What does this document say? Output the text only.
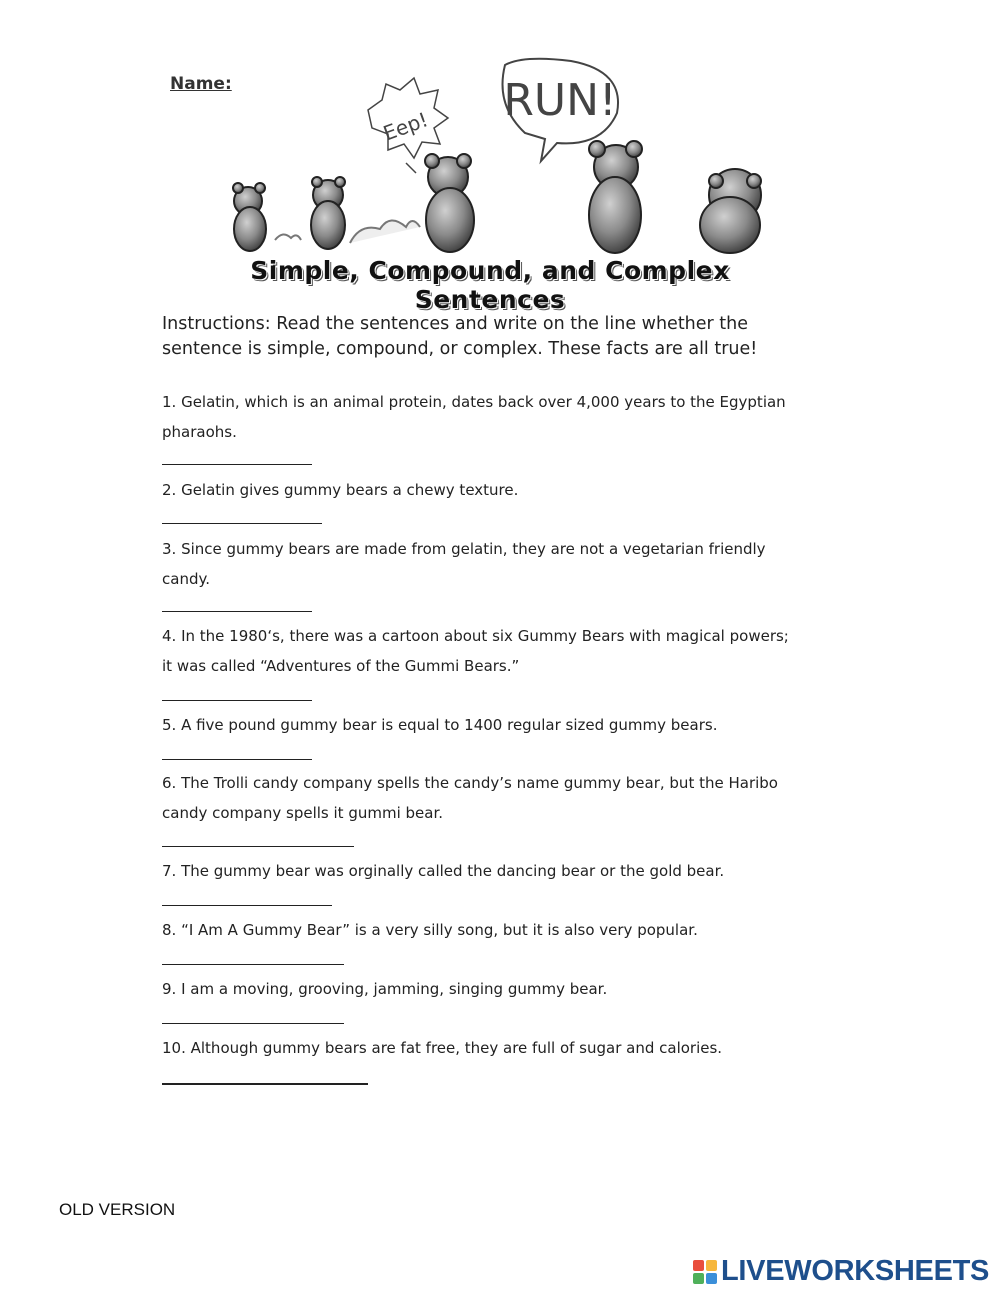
Name:
Eep!
RUN!
Simple, Compound, and Complex Sentences
Instructions: Read the sentences and write on the line whether the sentence is simple, compound, or complex. These facts are all true!
1. Gelatin, which is an animal protein, dates back over 4,000 years to the Egyptian pharaohs.
2. Gelatin gives gummy bears a chewy texture.
3. Since gummy bears are made from gelatin, they are not a vegetarian friendly candy.
4. In the 1980‘s, there was a cartoon about six Gummy Bears with magical powers; it was called “Adventures of the Gummi Bears.”
5. A five pound gummy bear is equal to 1400 regular sized gummy bears.
6. The Trolli candy company spells the candy’s name gummy bear, but the Haribo candy company spells it gummi bear.
7. The gummy bear was orginally called the dancing bear or the gold bear.
8. “I Am A Gummy Bear” is a very silly song, but it is also very popular.
9. I am a moving, grooving, jamming, singing gummy bear.
10. Although gummy bears are fat free, they are full of sugar and calories.
OLD VERSION
LIVEWORKSHEETS
